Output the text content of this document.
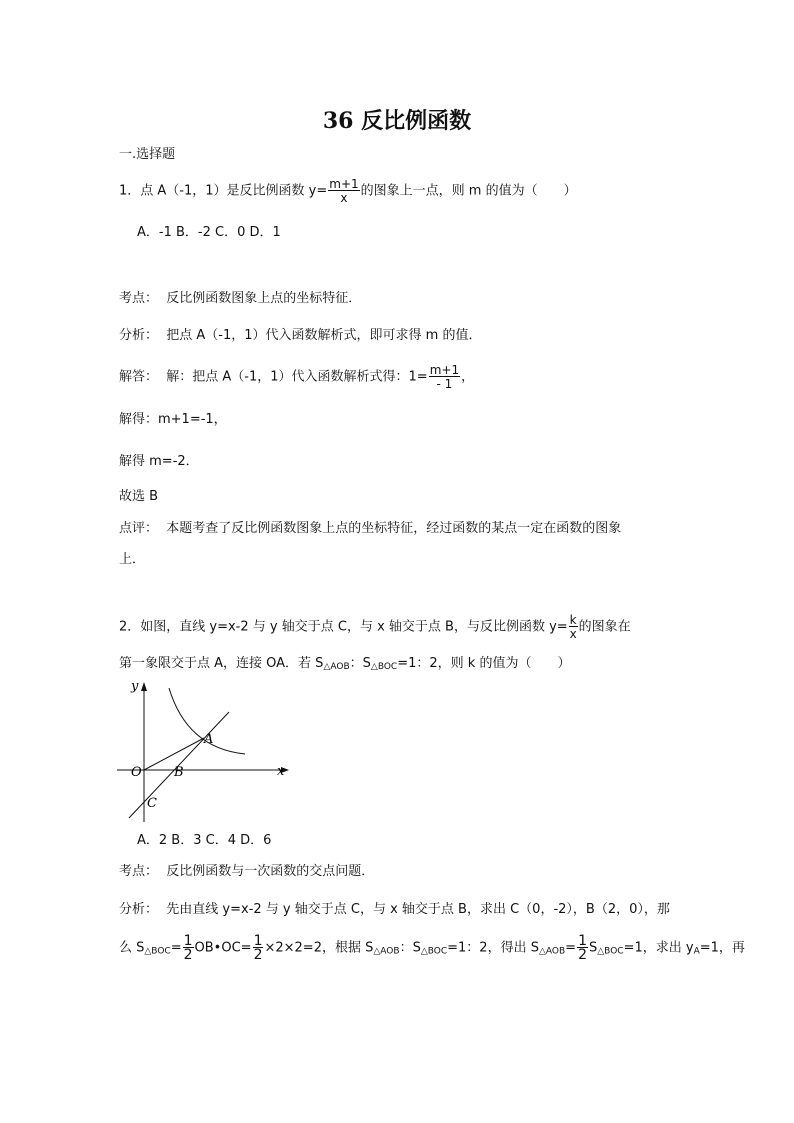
36 反比例函数
一.选择题
1．点 A（-1，1）是反比例函数 $y= \frac{m+1}{x}$ 的图象上一点，则 m 的值为（　　）
A．-1 B．-2 C．0 D．1
考点： 反比例函数图象上点的坐标特征．
分析： 把点 A（-1，1）代入函数解析式，即可求得 m 的值．
解答： 解：把点 A（-1，1）代入函数解析式得：$1= \frac{m+1}{- 1}$ ，
解得：m+1=-1，
解得 m=-2．
故选 B
点评： 本题考查了反比例函数图象上点的坐标特征，经过函数的某点一定在函数的图象
上．
2．如图，直线 y=x-2 与 y 轴交于点 C，与 x 轴交于点 B，与反比例函数 $y= \frac{k}{x}$ 的图象在
第一象限交于点 A，连接 OA．若 $S_{\triangle AOB}$：$S_{\triangle BOC}=1$：2，则 k 的值为（　　）
y
x
O
A
B
C
A．2 B．3 C．4 D．6
考点： 反比例函数与一次函数的交点问题．
分析： 先由直线 y=x-2 与 y 轴交于点 C，与 x 轴交于点 B，求出 C（0，-2），B（2，0），那
么 $S_{\triangle BOC}= \frac{1}{2}$ OB•OC= $\frac{1}{2} \times 2\times 2=2$，根据 $S_{\triangle AOB}$：$S_{\triangle BOC}=1$：2，得出 $S_{\triangle AOB}= \frac{1}{2} S_{\triangle BOC}=1$，求出 $y_A=1$，再
